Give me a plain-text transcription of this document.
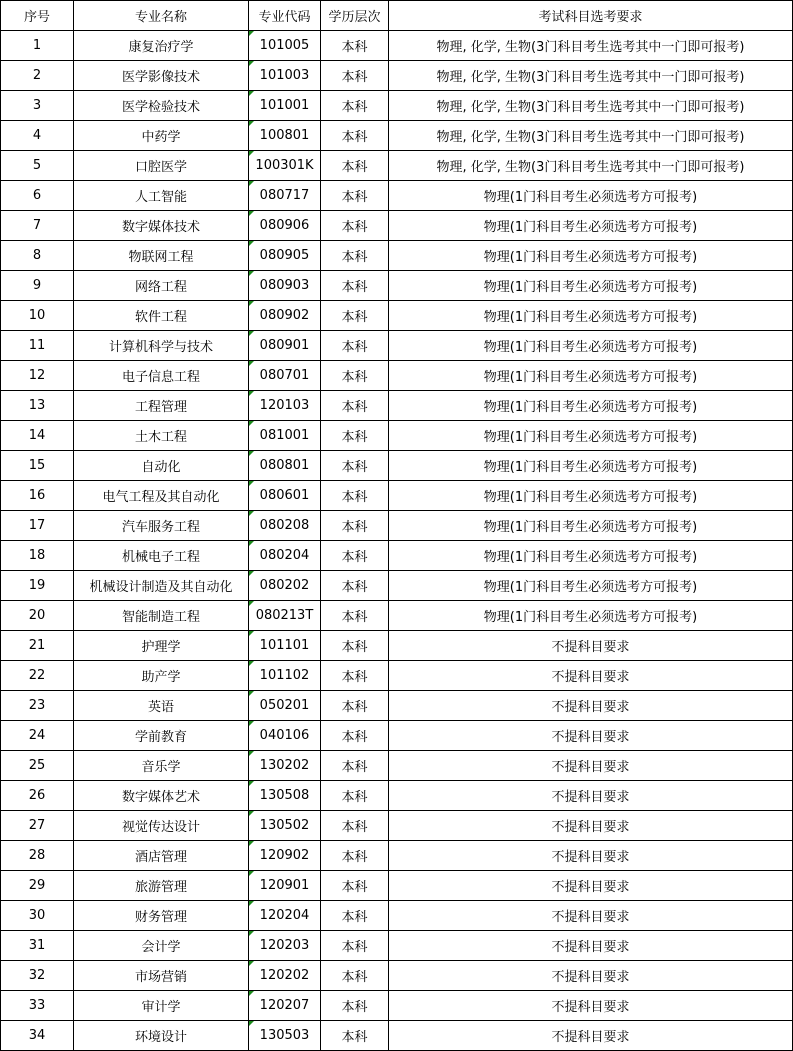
序号	专业名称	专业代码	学历层次	考试科目选考要求
1	康复治疗学	101005	本科	物理, 化学, 生物(3门科目考生选考其中一门即可报考)
2	医学影像技术	101003	本科	物理, 化学, 生物(3门科目考生选考其中一门即可报考)
3	医学检验技术	101001	本科	物理, 化学, 生物(3门科目考生选考其中一门即可报考)
4	中药学	100801	本科	物理, 化学, 生物(3门科目考生选考其中一门即可报考)
5	口腔医学	100301K	本科	物理, 化学, 生物(3门科目考生选考其中一门即可报考)
6	人工智能	080717	本科	物理(1门科目考生必须选考方可报考)
7	数字媒体技术	080906	本科	物理(1门科目考生必须选考方可报考)
8	物联网工程	080905	本科	物理(1门科目考生必须选考方可报考)
9	网络工程	080903	本科	物理(1门科目考生必须选考方可报考)
10	软件工程	080902	本科	物理(1门科目考生必须选考方可报考)
11	计算机科学与技术	080901	本科	物理(1门科目考生必须选考方可报考)
12	电子信息工程	080701	本科	物理(1门科目考生必须选考方可报考)
13	工程管理	120103	本科	物理(1门科目考生必须选考方可报考)
14	土木工程	081001	本科	物理(1门科目考生必须选考方可报考)
15	自动化	080801	本科	物理(1门科目考生必须选考方可报考)
16	电气工程及其自动化	080601	本科	物理(1门科目考生必须选考方可报考)
17	汽车服务工程	080208	本科	物理(1门科目考生必须选考方可报考)
18	机械电子工程	080204	本科	物理(1门科目考生必须选考方可报考)
19	机械设计制造及其自动化	080202	本科	物理(1门科目考生必须选考方可报考)
20	智能制造工程	080213T	本科	物理(1门科目考生必须选考方可报考)
21	护理学	101101	本科	不提科目要求
22	助产学	101102	本科	不提科目要求
23	英语	050201	本科	不提科目要求
24	学前教育	040106	本科	不提科目要求
25	音乐学	130202	本科	不提科目要求
26	数字媒体艺术	130508	本科	不提科目要求
27	视觉传达设计	130502	本科	不提科目要求
28	酒店管理	120902	本科	不提科目要求
29	旅游管理	120901	本科	不提科目要求
30	财务管理	120204	本科	不提科目要求
31	会计学	120203	本科	不提科目要求
32	市场营销	120202	本科	不提科目要求
33	审计学	120207	本科	不提科目要求
34	环境设计	130503	本科	不提科目要求
